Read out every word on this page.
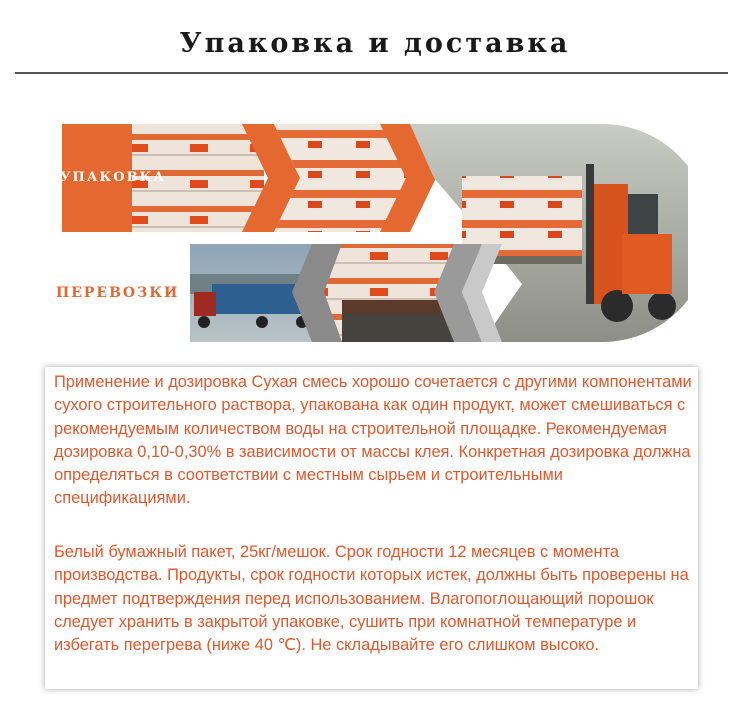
Упаковка и доставка
УПАКОВКА
ПЕРЕВОЗКИ

Применение и дозировка Сухая смесь хорошо сочетается с другими компонентами сухого строительного раствора, упакована как один продукт, может смешиваться с рекомендуемым количеством воды на строительной площадке. Рекомендуемая дозировка 0,10-0,30% в зависимости от массы клея. Конкретная дозировка должна определяться в соответствии с местным сырьем и строительными спецификациями.

Белый бумажный пакет, 25кг/мешок. Срок годности 12 месяцев с момента производства. Продукты, срок годности которых истек, должны быть проверены на предмет подтверждения перед использованием. Влагопоглощающий порошок следует хранить в закрытой упаковке, сушить при комнатной температуре и избегать перегрева (ниже 40 ℃). Не складывайте его слишком высоко.
